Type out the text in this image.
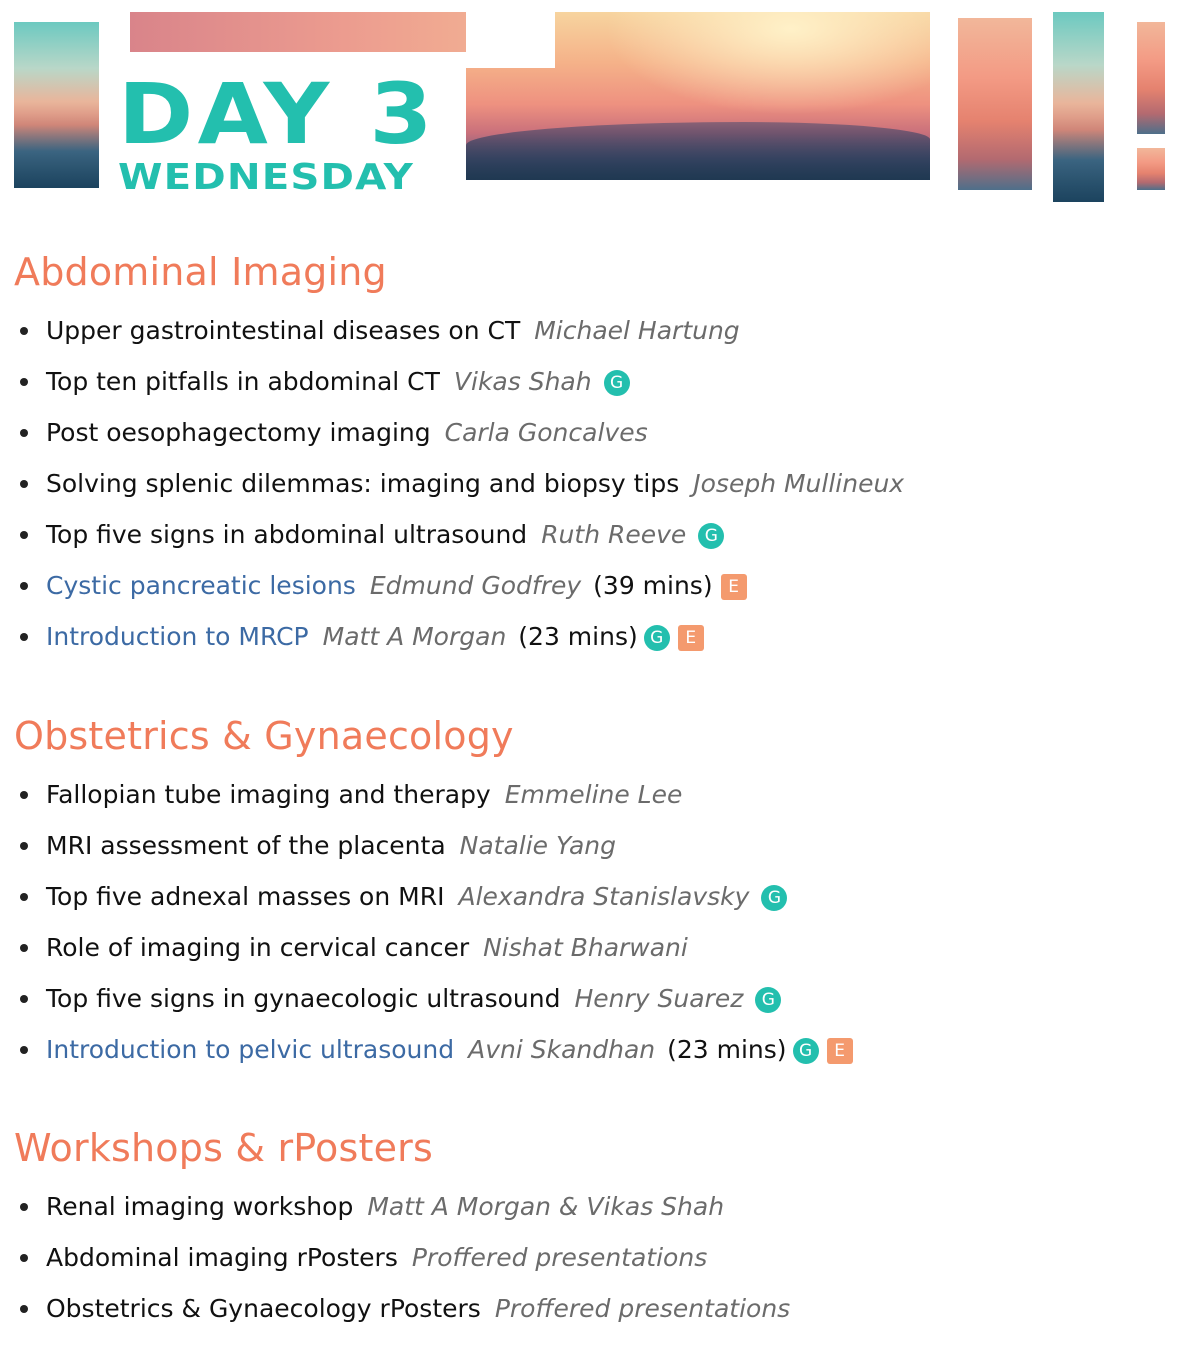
DAY 3
WEDNESDAY
Abdominal Imaging
Upper gastrointestinal diseases on CT Michael Hartung
Top ten pitfalls in abdominal CT Vikas Shah G
Post oesophagectomy imaging Carla Goncalves
Solving splenic dilemmas: imaging and biopsy tips Joseph Mullineux
Top five signs in abdominal ultrasound Ruth Reeve G
Cystic pancreatic lesions Edmund Godfrey (39 mins) E
Introduction to MRCP Matt A Morgan (23 mins) G E
Obstetrics & Gynaecology
Fallopian tube imaging and therapy Emmeline Lee
MRI assessment of the placenta Natalie Yang
Top five adnexal masses on MRI Alexandra Stanislavsky G
Role of imaging in cervical cancer Nishat Bharwani
Top five signs in gynaecologic ultrasound Henry Suarez G
Introduction to pelvic ultrasound Avni Skandhan (23 mins) G E
Workshops & rPosters
Renal imaging workshop Matt A Morgan & Vikas Shah
Abdominal imaging rPosters Proffered presentations
Obstetrics & Gynaecology rPosters Proffered presentations
